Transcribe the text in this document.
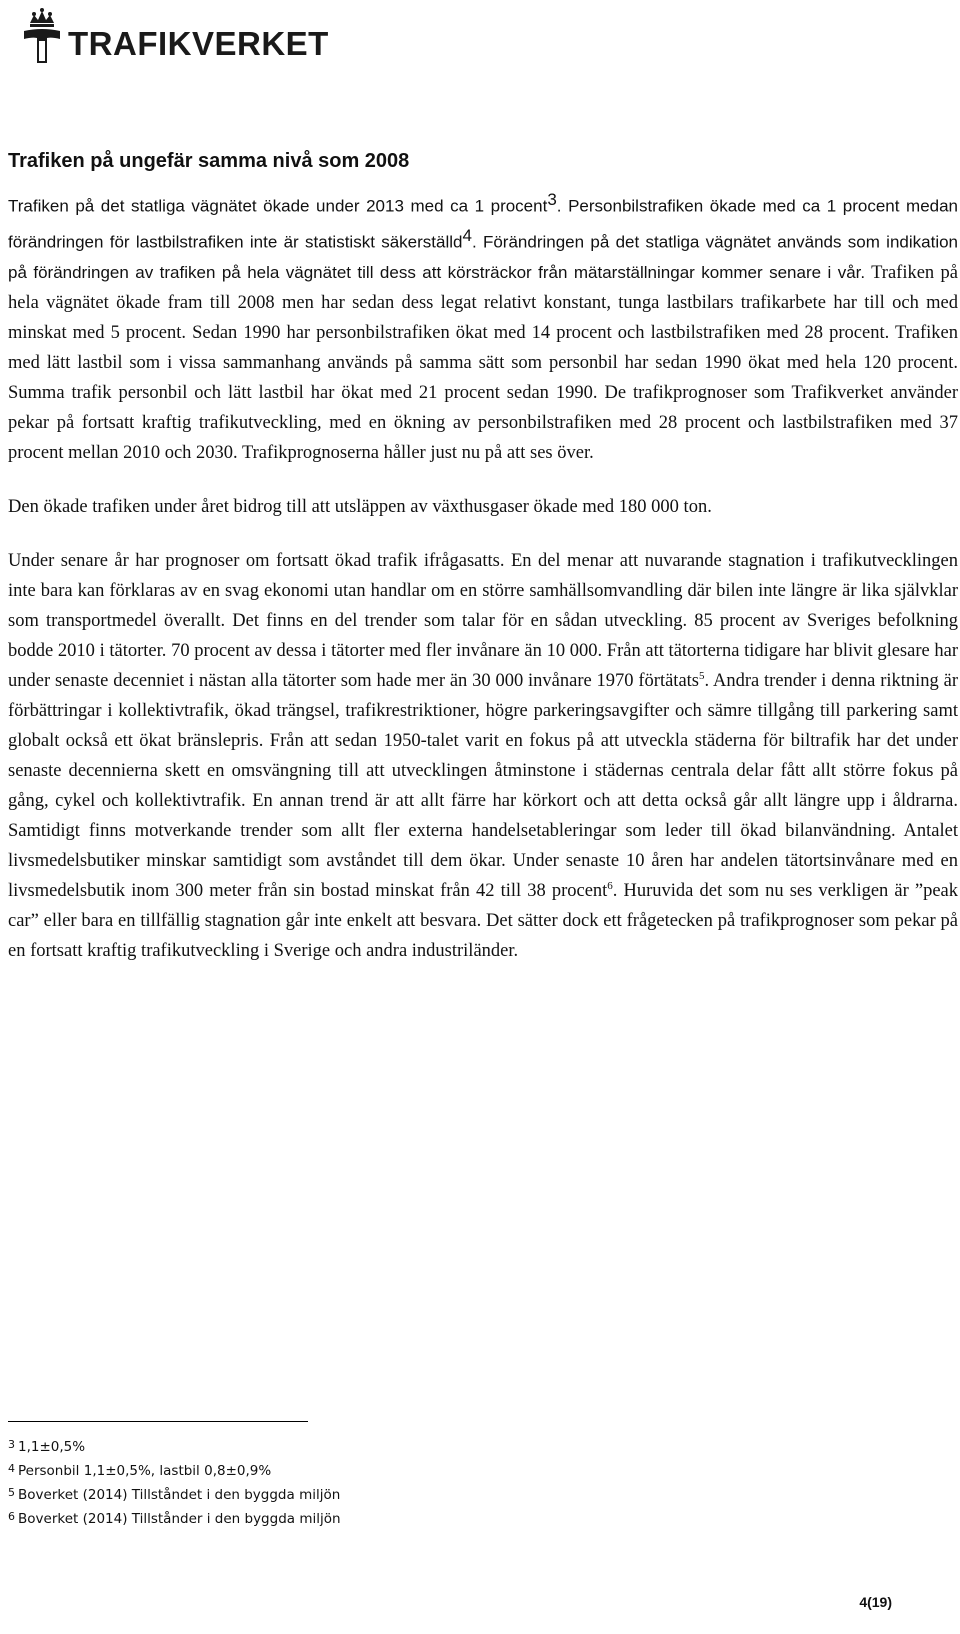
TRAFIKVERKET
Trafiken på ungefär samma nivå som 2008

Trafiken på det statliga vägnätet ökade under 2013 med ca 1 procent$^3$. Personbilstrafiken ökade med ca 1 procent medan förändringen för lastbilstrafiken inte är statistiskt säkerställd$^4$. Förändringen på det statliga vägnätet används som indikation på förändringen av trafiken på hela vägnätet till dess att körsträckor från mätarställningar kommer senare i vår. Trafiken på hela vägnätet ökade fram till 2008 men har sedan dess legat relativt konstant, tunga lastbilars trafikarbete har till och med minskat med 5 procent. Sedan 1990 har personbilstrafiken ökat med 14 procent och lastbilstrafiken med 28 procent. Trafiken med lätt lastbil som i vissa sammanhang används på samma sätt som personbil har sedan 1990 ökat med hela 120 procent. Summa trafik personbil och lätt lastbil har ökat med 21 procent sedan 1990. De trafikprognoser som Trafikverket använder pekar på fortsatt kraftig trafikutveckling, med en ökning av personbilstrafiken med 28 procent och lastbilstrafiken med 37 procent mellan 2010 och 2030. Trafikprognoserna håller just nu på att ses över.

Den ökade trafiken under året bidrog till att utsläppen av växthusgaser ökade med 180 000 ton.

Under senare år har prognoser om fortsatt ökad trafik ifrågasatts. En del menar att nuvarande stagnation i trafikutvecklingen inte bara kan förklaras av en svag ekonomi utan handlar om en större samhällsomvandling där bilen inte längre är lika självklar som transportmedel överallt. Det finns en del trender som talar för en sådan utveckling. 85 procent av Sveriges befolkning bodde 2010 i tätorter. 70 procent av dessa i tätorter med fler invånare än 10 000. Från att tätorterna tidigare har blivit glesare har under senaste decenniet i nästan alla tätorter som hade mer än 30 000 invånare 1970 förtätats$^5$. Andra trender i denna riktning är förbättringar i kollektivtrafik, ökad trängsel, trafikrestriktioner, högre parkeringsavgifter och sämre tillgång till parkering samt globalt också ett ökat bränslepris. Från att sedan 1950-talet varit en fokus på att utveckla städerna för biltrafik har det under senaste decennierna skett en omsvängning till att utvecklingen åtminstone i städernas centrala delar fått allt större fokus på gång, cykel och kollektivtrafik. En annan trend är att allt färre har körkort och att detta också går allt längre upp i åldrarna. Samtidigt finns motverkande trender som allt fler externa handelsetableringar som leder till ökad bilanvändning. Antalet livsmedelsbutiker minskar samtidigt som avståndet till dem ökar. Under senaste 10 åren har andelen tätortsinvånare med en livsmedelsbutik inom 300 meter från sin bostad minskat från 42 till 38 procent$^6$. Huruvida det som nu ses verkligen är ”peak car” eller bara en tillfällig stagnation går inte enkelt att besvara. Det sätter dock ett frågetecken på trafikprognoser som pekar på en fortsatt kraftig trafikutveckling i Sverige och andra industriländer.

$^3$ 1,1±0,5%
$^4$ Personbil 1,1±0,5%, lastbil 0,8±0,9%
$^5$ Boverket (2014) Tillståndet i den byggda miljön
$^6$ Boverket (2014) Tillstånder i den byggda miljön
4(19)
